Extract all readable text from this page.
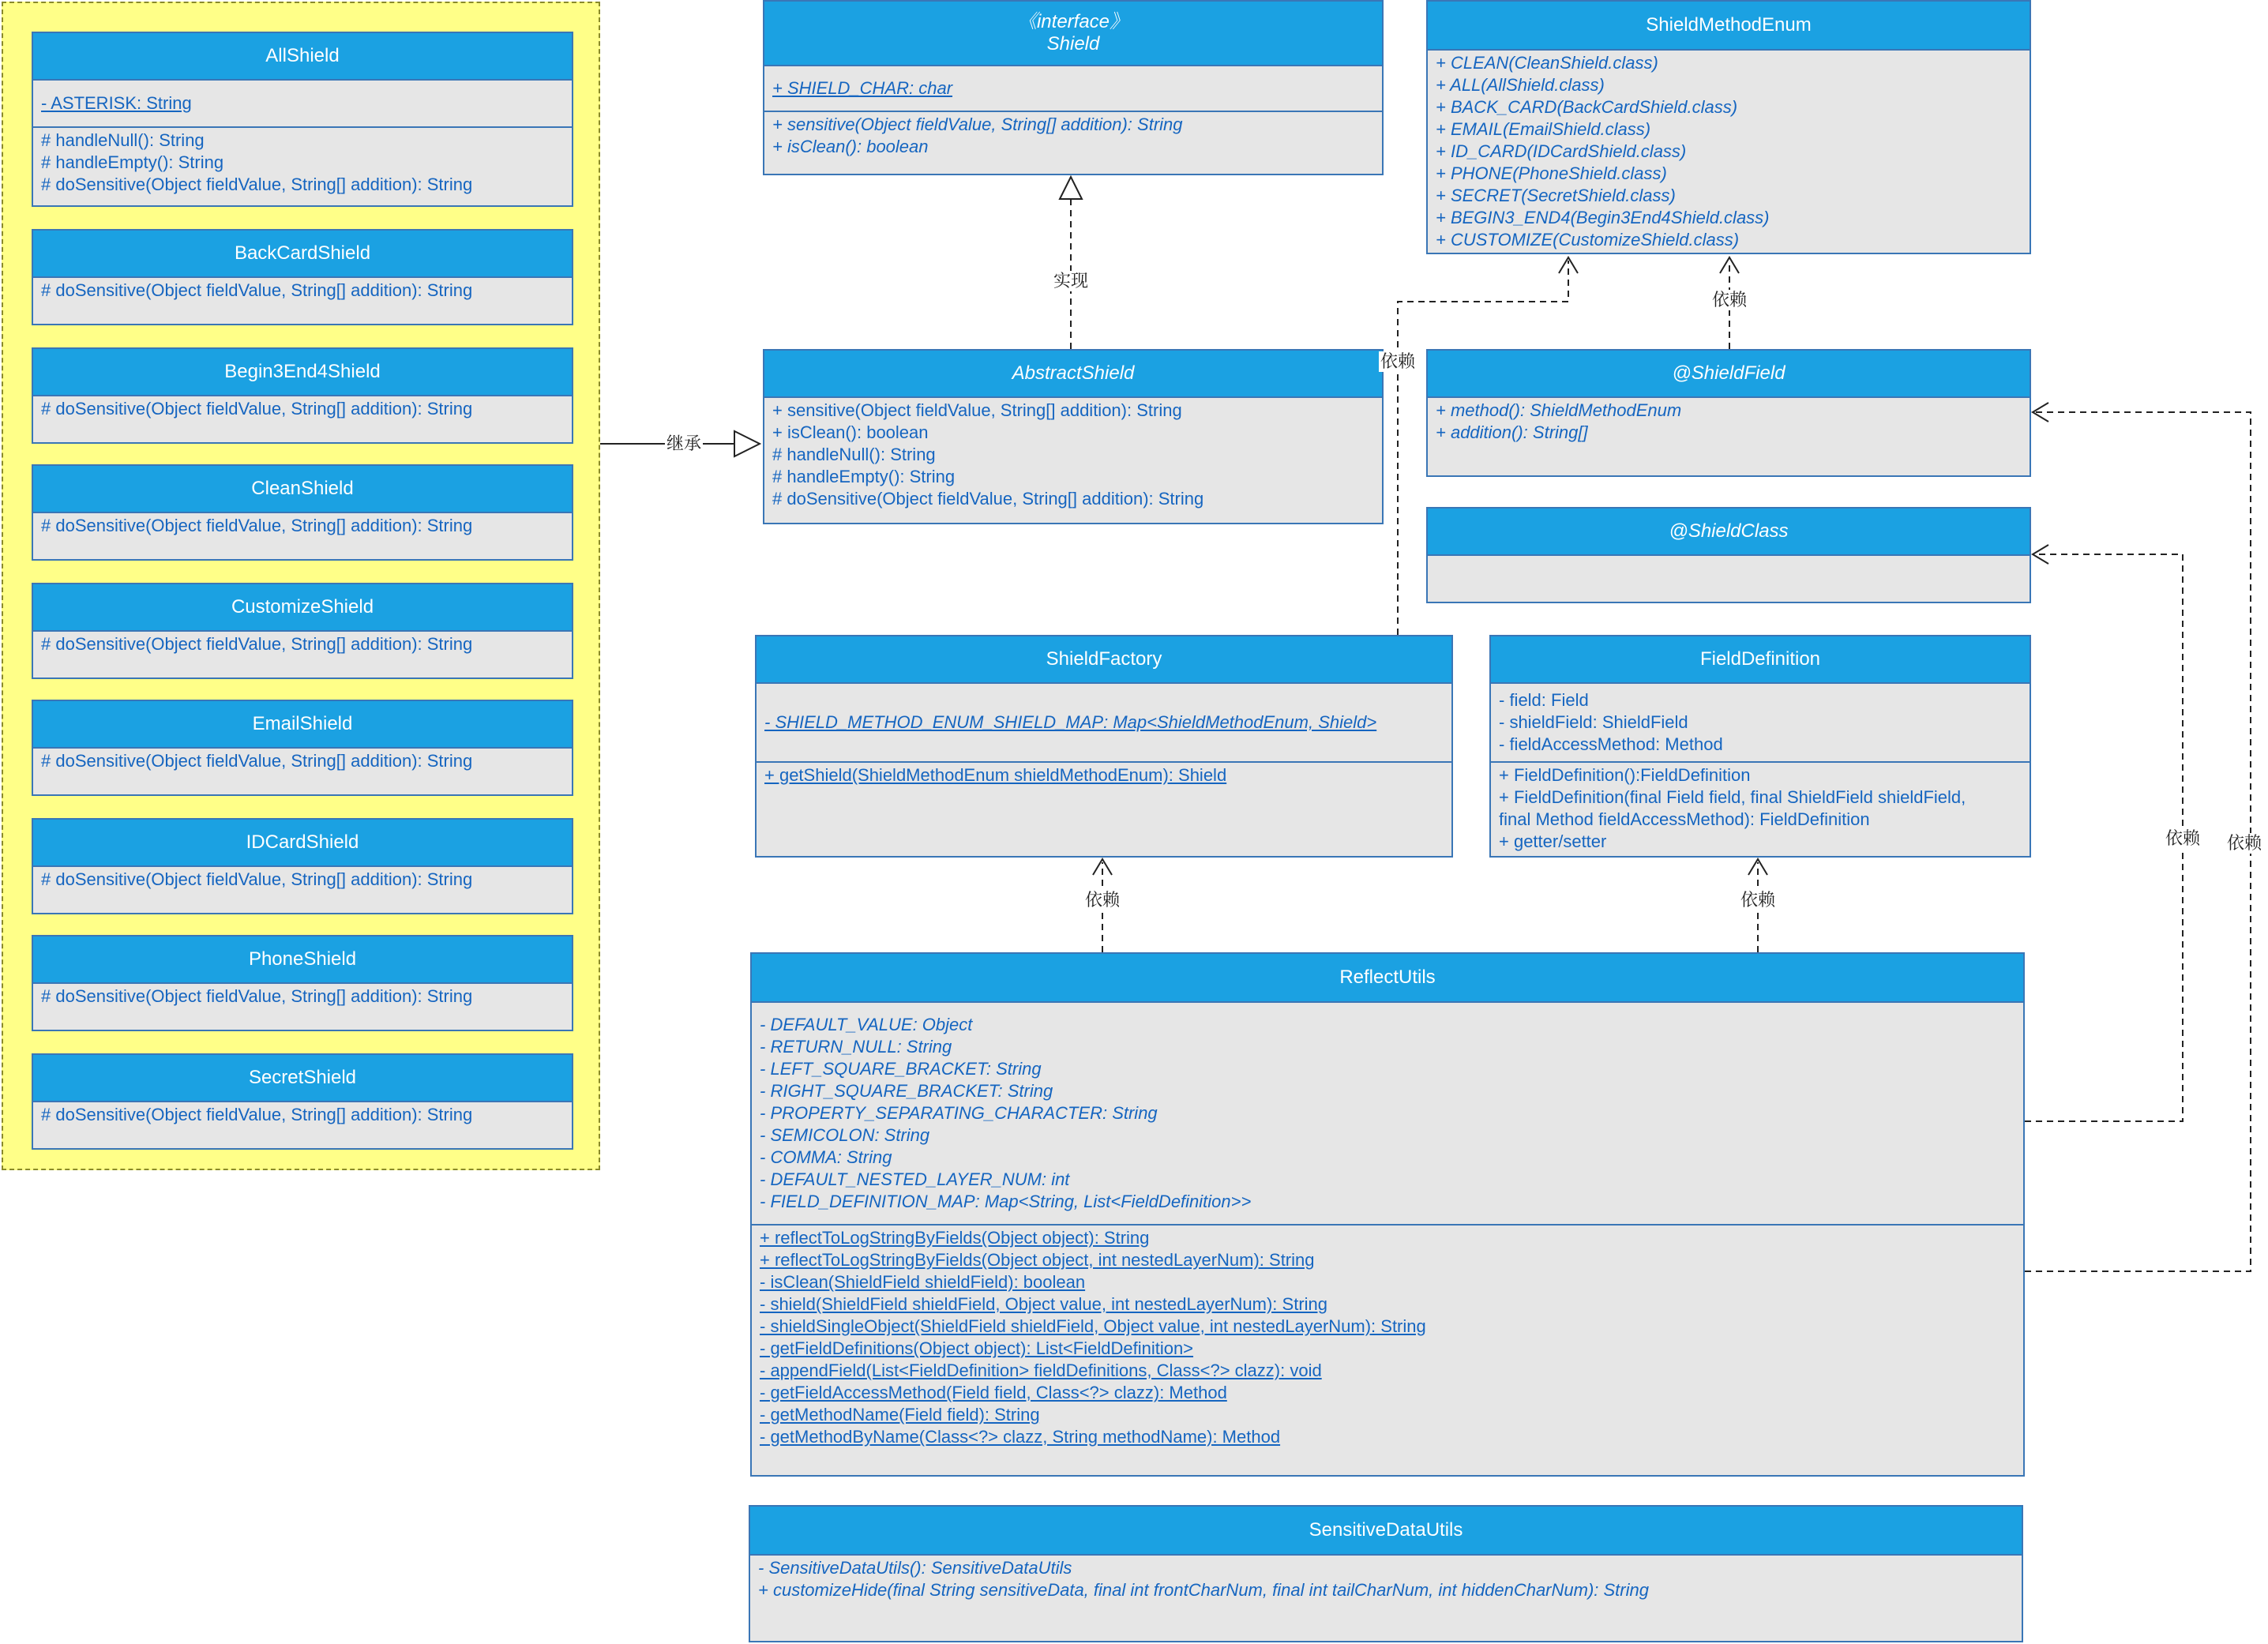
AllShield
- ASTERISK: String
# handleNull(): String
# handleEmpty(): String
# doSensitive(Object fieldValue, String[] addition): String
BackCardShield
# doSensitive(Object fieldValue, String[] addition): String
Begin3End4Shield
# doSensitive(Object fieldValue, String[] addition): String
CleanShield
# doSensitive(Object fieldValue, String[] addition): String
CustomizeShield
# doSensitive(Object fieldValue, String[] addition): String
EmailShield
# doSensitive(Object fieldValue, String[] addition): String
IDCardShield
# doSensitive(Object fieldValue, String[] addition): String
PhoneShield
# doSensitive(Object fieldValue, String[] addition): String
SecretShield
# doSensitive(Object fieldValue, String[] addition): String
《interface》
Shield
+ SHIELD_CHAR: char
+ sensitive(Object fieldValue, String[] addition): String
+ isClean(): boolean
AbstractShield
+ sensitive(Object fieldValue, String[] addition): String
+ isClean(): boolean
# handleNull(): String
# handleEmpty(): String
# doSensitive(Object fieldValue, String[] addition): String
ShieldMethodEnum
+ CLEAN(CleanShield.class)
+ ALL(AllShield.class)
+ BACK_CARD(BackCardShield.class)
+ EMAIL(EmailShield.class)
+ ID_CARD(IDCardShield.class)
+ PHONE(PhoneShield.class)
+ SECRET(SecretShield.class)
+ BEGIN3_END4(Begin3End4Shield.class)
+ CUSTOMIZE(CustomizeShield.class)
@ShieldField
+ method(): ShieldMethodEnum
+ addition(): String[]
@ShieldClass
ShieldFactory
- SHIELD_METHOD_ENUM_SHIELD_MAP: Map<ShieldMethodEnum, Shield>
+ getShield(ShieldMethodEnum shieldMethodEnum): Shield
FieldDefinition
- field: Field
- shieldField: ShieldField
- fieldAccessMethod: Method
+ FieldDefinition():FieldDefinition
+ FieldDefinition(final Field field, final ShieldField shieldField,
final Method fieldAccessMethod): FieldDefinition
+ getter/setter
ReflectUtils
- DEFAULT_VALUE: Object
- RETURN_NULL: String
- LEFT_SQUARE_BRACKET: String
- RIGHT_SQUARE_BRACKET: String
- PROPERTY_SEPARATING_CHARACTER: String
- SEMICOLON: String
- COMMA: String
- DEFAULT_NESTED_LAYER_NUM: int
- FIELD_DEFINITION_MAP: Map<String, List<FieldDefinition>>
+ reflectToLogStringByFields(Object object): String
+ reflectToLogStringByFields(Object object, int nestedLayerNum): String
- isClean(ShieldField shieldField): boolean
- shield(ShieldField shieldField, Object value, int nestedLayerNum): String
- shieldSingleObject(ShieldField shieldField, Object value, int nestedLayerNum): String
- getFieldDefinitions(Object object): List<FieldDefinition>
- appendField(List<FieldDefinition> fieldDefinitions, Class<?> clazz): void
- getFieldAccessMethod(Field field, Class<?> clazz): Method
- getMethodName(Field field): String
- getMethodByName(Class<?> clazz, String methodName): Method
SensitiveDataUtils
- SensitiveDataUtils(): SensitiveDataUtils
+ customizeHide(final String sensitiveData, final int frontCharNum, final int tailCharNum, int hiddenCharNum): String
继承
实现
依赖
依赖
依赖	依赖
依赖 依赖
